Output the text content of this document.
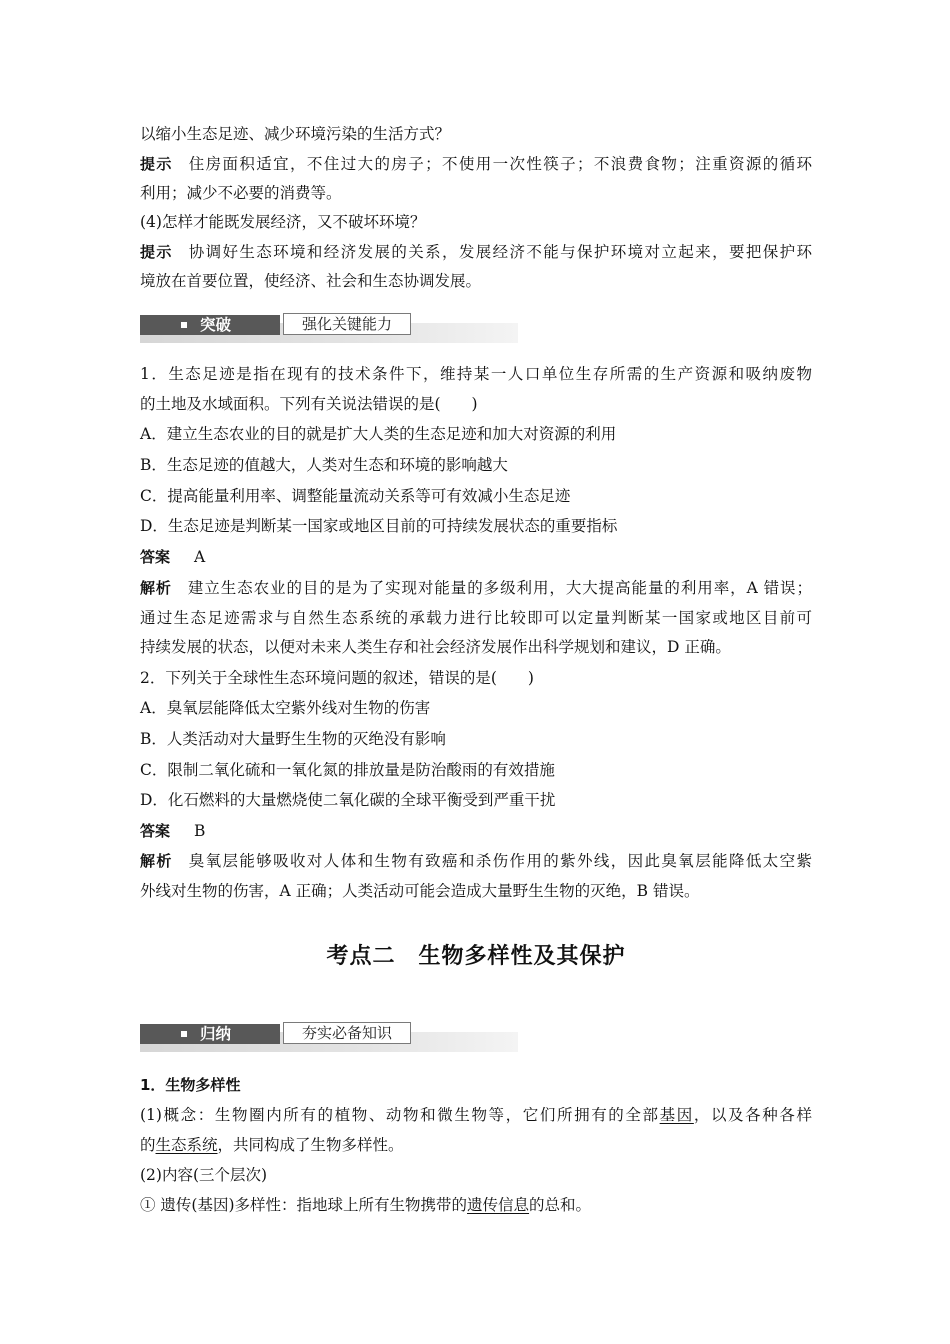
以缩小生态足迹、减少环境污染的生活方式？
提示 住房面积适宜，不住过大的房子；不使用一次性筷子；不浪费食物；注重资源的循环
利用；减少不必要的消费等。
(4)怎样才能既发展经济，又不破坏环境？
提示 协调好生态环境和经济发展的关系，发展经济不能与保护环境对立起来，要把保护环
境放在首要位置，使经济、社会和生态协调发展。
突破	强化关键能力
1．生态足迹是指在现有的技术条件下，维持某一人口单位生存所需的生产资源和吸纳废物
的土地及水域面积。下列有关说法错误的是(　　)
A．建立生态农业的目的就是扩大人类的生态足迹和加大对资源的利用
B．生态足迹的值越大，人类对生态和环境的影响越大
C．提高能量利用率、调整能量流动关系等可有效减小生态足迹
D．生态足迹是判断某一国家或地区目前的可持续发展状态的重要指标
答案 A
解析 建立生态农业的目的是为了实现对能量的多级利用，大大提高能量的利用率，A 错误；
通过生态足迹需求与自然生态系统的承载力进行比较即可以定量判断某一国家或地区目前可
持续发展的状态，以便对未来人类生存和社会经济发展作出科学规划和建议，D 正确。
2．下列关于全球性生态环境问题的叙述，错误的是(　　)
A．臭氧层能降低太空紫外线对生物的伤害
B．人类活动对大量野生生物的灭绝没有影响
C．限制二氧化硫和一氧化氮的排放量是防治酸雨的有效措施
D．化石燃料的大量燃烧使二氧化碳的全球平衡受到严重干扰
答案 B
解析 臭氧层能够吸收对人体和生物有致癌和杀伤作用的紫外线，因此臭氧层能降低太空紫
外线对生物的伤害，A 正确；人类活动可能会造成大量野生生物的灭绝，B 错误。
考点二　生物多样性及其保护
归纳	夯实必备知识
1．生物多样性
(1)概念：生物圈内所有的植物、动物和微生物等，它们所拥有的全部基因，以及各种各样
的生态系统，共同构成了生物多样性。
(2)内容(三个层次)
① 遗传(基因)多样性：指地球上所有生物携带的遗传信息的总和。
